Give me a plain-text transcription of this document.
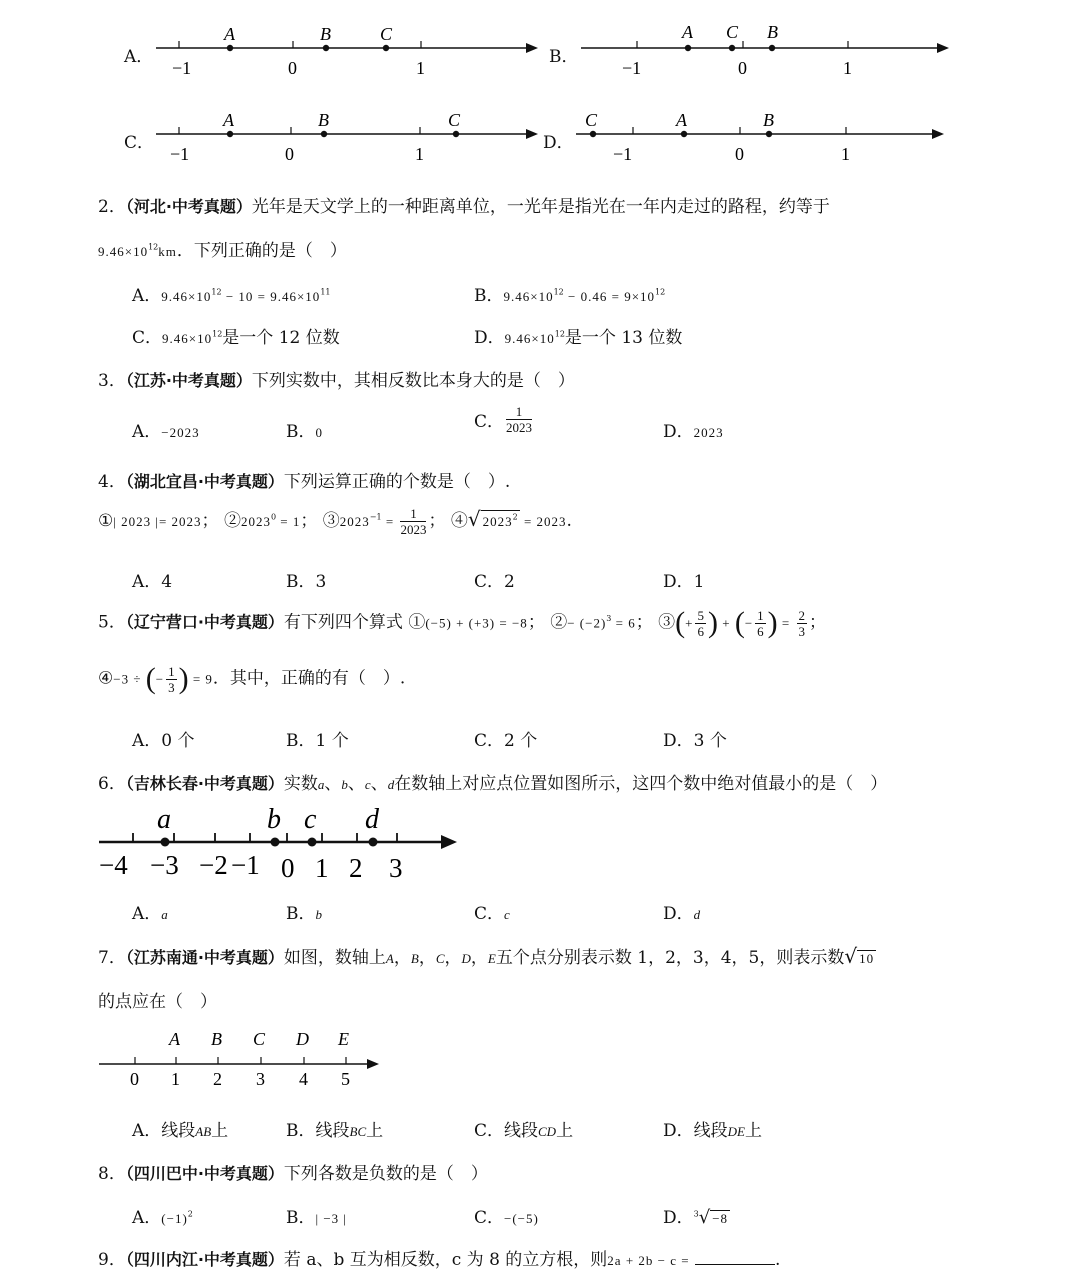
A．
−1	0	1
A	B	C
B．
−1	0	1
A C B
C．
−1	0	1
A	B	C
D．
−1	0	1
C	A	B
2．（河北·中考真题）光年是天文学上的一种距离单位，一光年是指光在一年内走过的路程，约等于
$9.46\times 10^{12}km$．下列正确的是（　）
A．$9.46\times 10^{12} - 10 = 9.46\times 10^{11}$	B．$9.46\times 10^{12} - 0.46 = 9\times 10^{12}$
C．$9.46\times 10^{12}$是一个 12 位数	D．$9.46\times 10^{12}$是一个 13 位数
3．（江苏·中考真题）下列实数中，其相反数比本身大的是（　）
A．−2023	B．0
C． $\frac{1}{2023}$	D．2023
4．（湖北宜昌·中考真题）下列运算正确的个数是（　）.
①| 2023 |= 2023； $②2023^0 = 1$； $③2023^{-1} = \frac{1}{2023}$ ； ④√ $2023^2 = 2023$.
A．4	B．3	C．2	D．1
5．（辽宁营口·中考真题）有下列四个算式 ①(−5) + (+3) = −8； ②− $(-2)^3 = 6$； ③(+ $\frac{5}{6}$ ) + (− $\frac{1}{6}$ ) = $\frac{2}{3}$ ；
④−3 ÷ (− $\frac{1}{3}$ ) = 9．其中，正确的有（　）.
A．0 个	B．1 个	C．2 个	D．3 个
6．（吉林长春·中考真题）实数a、b、c、d在数轴上对应点位置如图所示，这四个数中绝对值最小的是（　）
−4 −3 −2 −1 0 1 2 3
a	b c d
A．a	B．b	C．c	D．d
7．（江苏南通·中考真题）如图，数轴上A，B，C，D，E五个点分别表示数 1，2，3，4，5，则表示数√ 10
的点应在（　）
0 1 2 3 4 5
A B C D E
A．线段AB上	B．线段BC上	C．线段CD上	D．线段DE上
8．（四川巴中·中考真题）下列各数是负数的是（　）
A．$(-1)^2$	B．| −3 |	C．−(−5)	D．$^3$√ −8
9．（四川内江·中考真题）若 a、b 互为相反数，c 为 8 的立方根，则2a + 2b − c =	.
